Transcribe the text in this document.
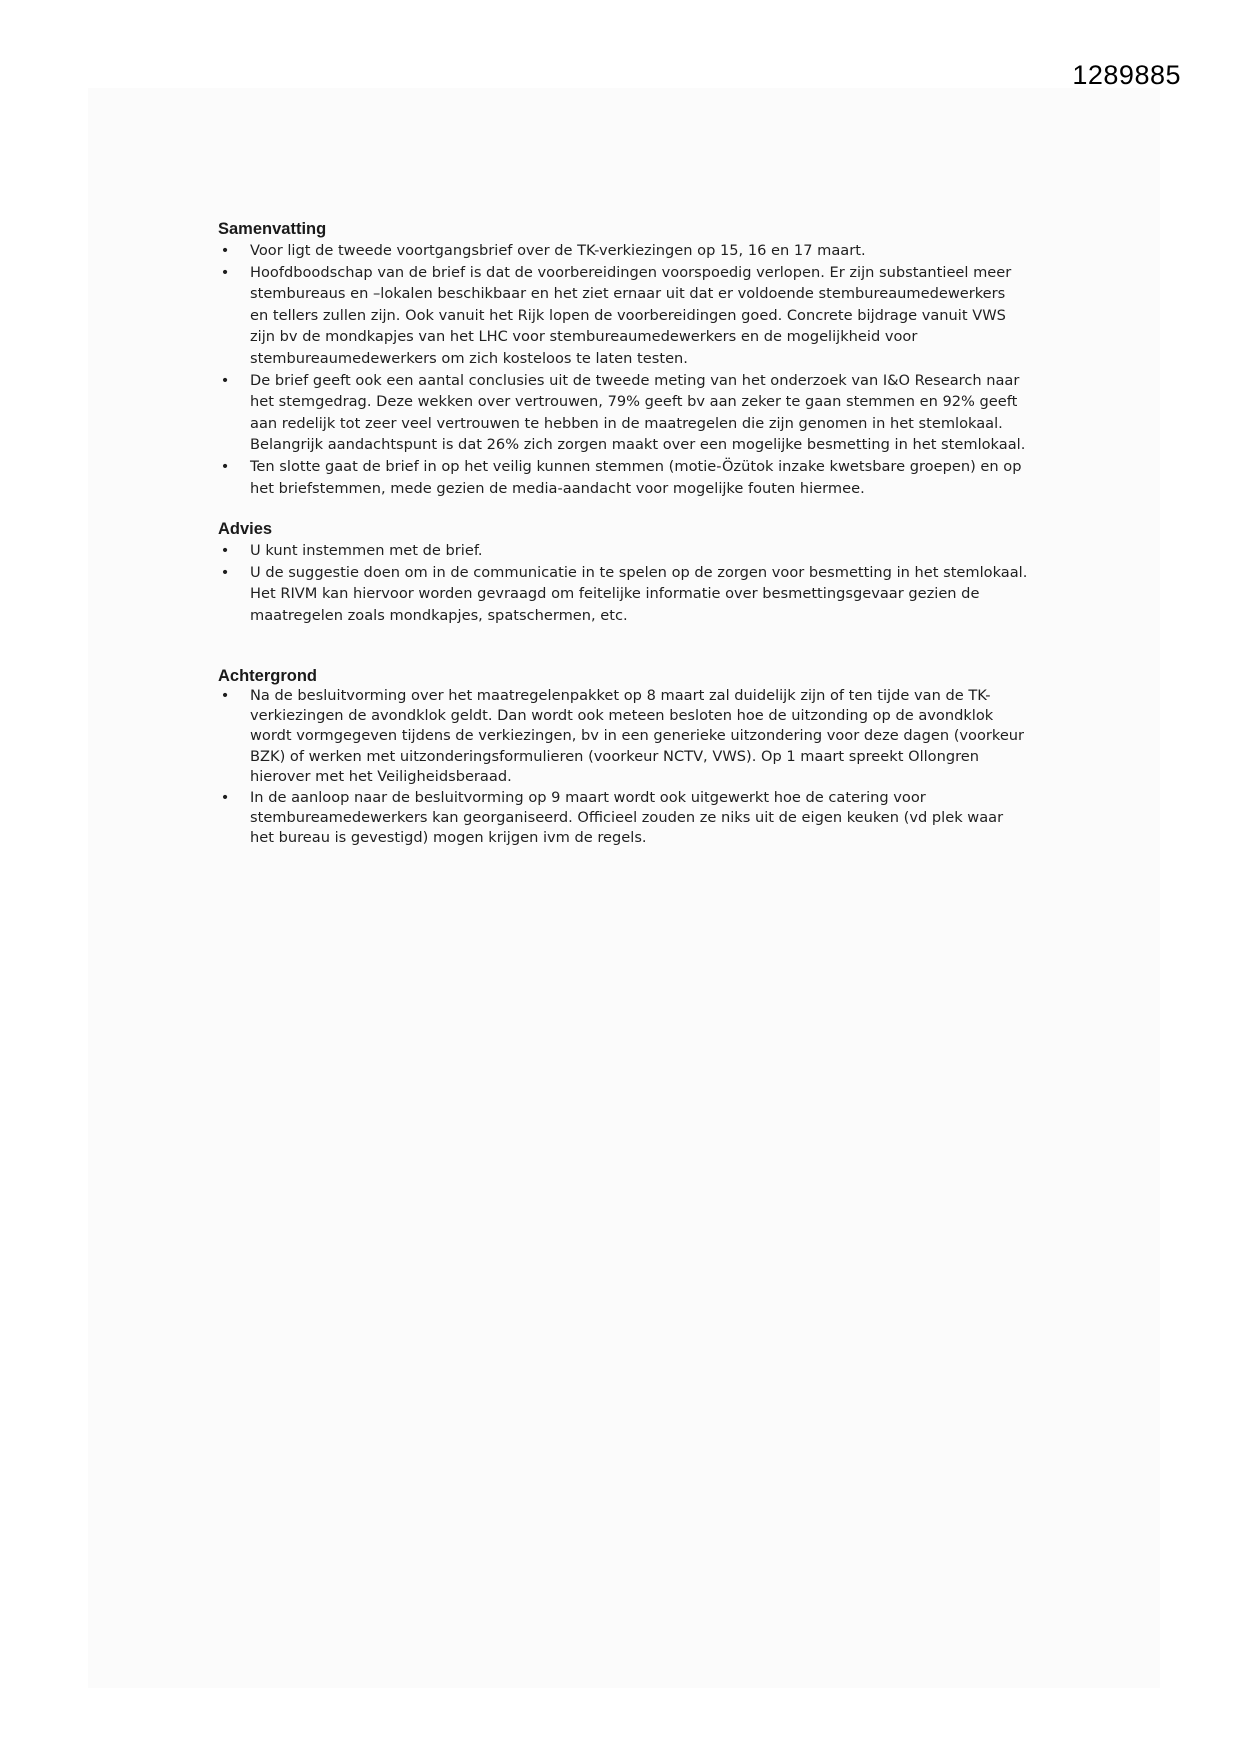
1289885

Samenvatting

• Voor ligt de tweede voortgangsbrief over de TK-verkiezingen op 15, 16 en 17 maart.
• Hoofdboodschap van de brief is dat de voorbereidingen voorspoedig verlopen. Er zijn substantieel meer stembureaus en –lokalen beschikbaar en het ziet ernaar uit dat er voldoende stembureaumedewerkers en tellers zullen zijn. Ook vanuit het Rijk lopen de voorbereidingen goed. Concrete bijdrage vanuit VWS zijn bv de mondkapjes van het LHC voor stembureaumedewerkers en de mogelijkheid voor stembureaumedewerkers om zich kosteloos te laten testen.
• De brief geeft ook een aantal conclusies uit de tweede meting van het onderzoek van I&O Research naar het stemgedrag. Deze wekken over vertrouwen, 79% geeft bv aan zeker te gaan stemmen en 92% geeft aan redelijk tot zeer veel vertrouwen te hebben in de maatregelen die zijn genomen in het stemlokaal. Belangrijk aandachtspunt is dat 26% zich zorgen maakt over een mogelijke besmetting in het stemlokaal.
• Ten slotte gaat de brief in op het veilig kunnen stemmen (motie-Özütok inzake kwetsbare groepen) en op het briefstemmen, mede gezien de media-aandacht voor mogelijke fouten hiermee.

Advies

• U kunt instemmen met de brief.
• U de suggestie doen om in de communicatie in te spelen op de zorgen voor besmetting in het stemlokaal. Het RIVM kan hiervoor worden gevraagd om feitelijke informatie over besmettingsgevaar gezien de maatregelen zoals mondkapjes, spatschermen, etc.

Achtergrond

• Na de besluitvorming over het maatregelenpakket op 8 maart zal duidelijk zijn of ten tijde van de TK-verkiezingen de avondklok geldt. Dan wordt ook meteen besloten hoe de uitzonding op de avondklok wordt vormgegeven tijdens de verkiezingen, bv in een generieke uitzondering voor deze dagen (voorkeur BZK) of werken met uitzonderingsformulieren (voorkeur NCTV, VWS). Op 1 maart spreekt Ollongren hierover met het Veiligheidsberaad.
• In de aanloop naar de besluitvorming op 9 maart wordt ook uitgewerkt hoe de catering voor stembureamedewerkers kan georganiseerd. Officieel zouden ze niks uit de eigen keuken (vd plek waar het bureau is gevestigd) mogen krijgen ivm de regels.
